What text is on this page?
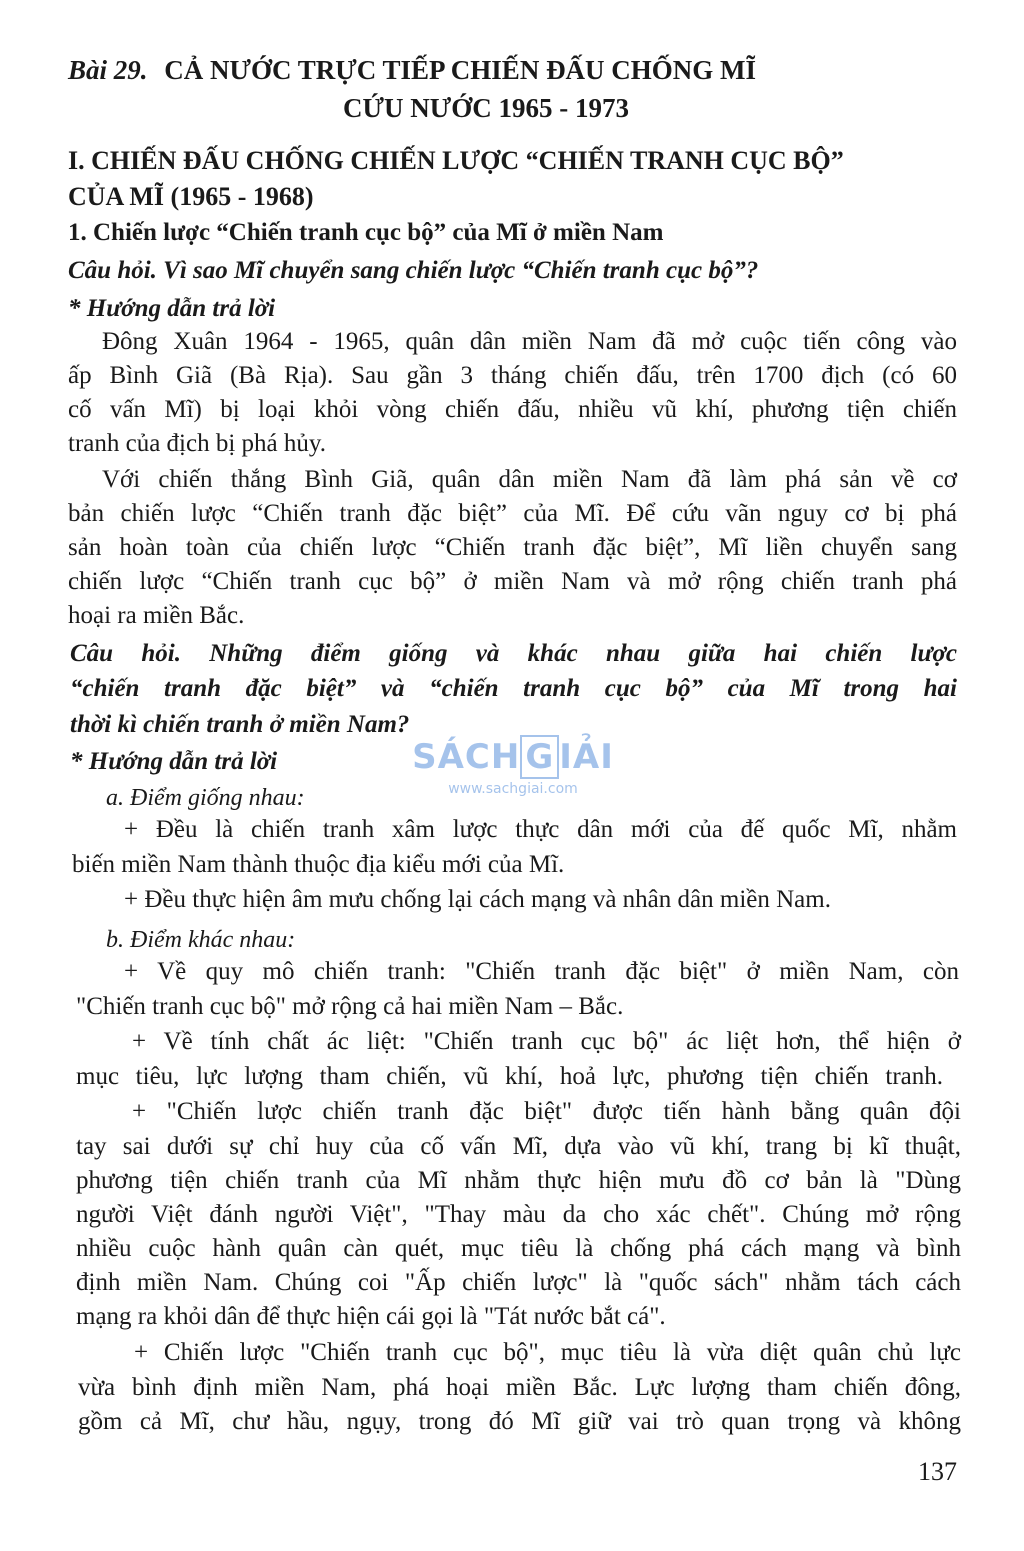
Bài 29. CẢ NƯỚC TRỰC TIẾP CHIẾN ĐẤU CHỐNG MĨ
CỨU NƯỚC 1965 - 1973
I. CHIẾN ĐẤU CHỐNG CHIẾN LƯỢC “CHIẾN TRANH CỤC BỘ”
CỦA MĨ (1965 - 1968)
1. Chiến lược “Chiến tranh cục bộ” của Mĩ ở miền Nam
Câu hỏi. Vì sao Mĩ chuyển sang chiến lược “Chiến tranh cục bộ”?
* Hướng dẫn trả lời
Đông Xuân 1964 - 1965, quân dân miền Nam đã mở cuộc tiến công vào
ấp Bình Giã (Bà Rịa). Sau gần 3 tháng chiến đấu, trên 1700 địch (có 60
cố vấn Mĩ) bị loại khỏi vòng chiến đấu, nhiều vũ khí, phương tiện chiến
tranh của địch bị phá hủy.
Với chiến thắng Bình Giã, quân dân miền Nam đã làm phá sản về cơ
bản chiến lược “Chiến tranh đặc biệt” của Mĩ. Để cứu vãn nguy cơ bị phá
sản hoàn toàn của chiến lược “Chiến tranh đặc biệt”, Mĩ liền chuyển sang
chiến lược “Chiến tranh cục bộ” ở miền Nam và mở rộng chiến tranh phá
hoại ra miền Bắc.
Câu hỏi. Những điểm giống và khác nhau giữa hai chiến lược
“chiến tranh đặc biệt” và “chiến tranh cục bộ” của Mĩ trong hai
thời kì chiến tranh ở miền Nam?
* Hướng dẫn trả lời	SÁCH G IẢI
www.sachgiai.com
a. Điểm giống nhau:
+ Đều là chiến tranh xâm lược thực dân mới của đế quốc Mĩ, nhằm
biến miền Nam thành thuộc địa kiểu mới của Mĩ.
+ Đều thực hiện âm mưu chống lại cách mạng và nhân dân miền Nam.
b. Điểm khác nhau:
+ Về quy mô chiến tranh: "Chiến tranh đặc biệt" ở miền Nam, còn
"Chiến tranh cục bộ" mở rộng cả hai miền Nam – Bắc.
+ Về tính chất ác liệt: "Chiến tranh cục bộ" ác liệt hơn, thể hiện ở
mục tiêu, lực lượng tham chiến, vũ khí, hoả lực, phương tiện chiến tranh.
+ "Chiến lược chiến tranh đặc biệt" được tiến hành bằng quân đội
tay sai dưới sự chỉ huy của cố vấn Mĩ, dựa vào vũ khí, trang bị kĩ thuật,
phương tiện chiến tranh của Mĩ nhằm thực hiện mưu đồ cơ bản là "Dùng
người Việt đánh người Việt", "Thay màu da cho xác chết". Chúng mở rộng
nhiều cuộc hành quân càn quét, mục tiêu là chống phá cách mạng và bình
định miền Nam. Chúng coi "Ấp chiến lược" là "quốc sách" nhằm tách cách
mạng ra khỏi dân để thực hiện cái gọi là "Tát nước bắt cá".
+ Chiến lược "Chiến tranh cục bộ", mục tiêu là vừa diệt quân chủ lực
vừa bình định miền Nam, phá hoại miền Bắc. Lực lượng tham chiến đông,
gồm cả Mĩ, chư hầu, ngụy, trong đó Mĩ giữ vai trò quan trọng và không
137
